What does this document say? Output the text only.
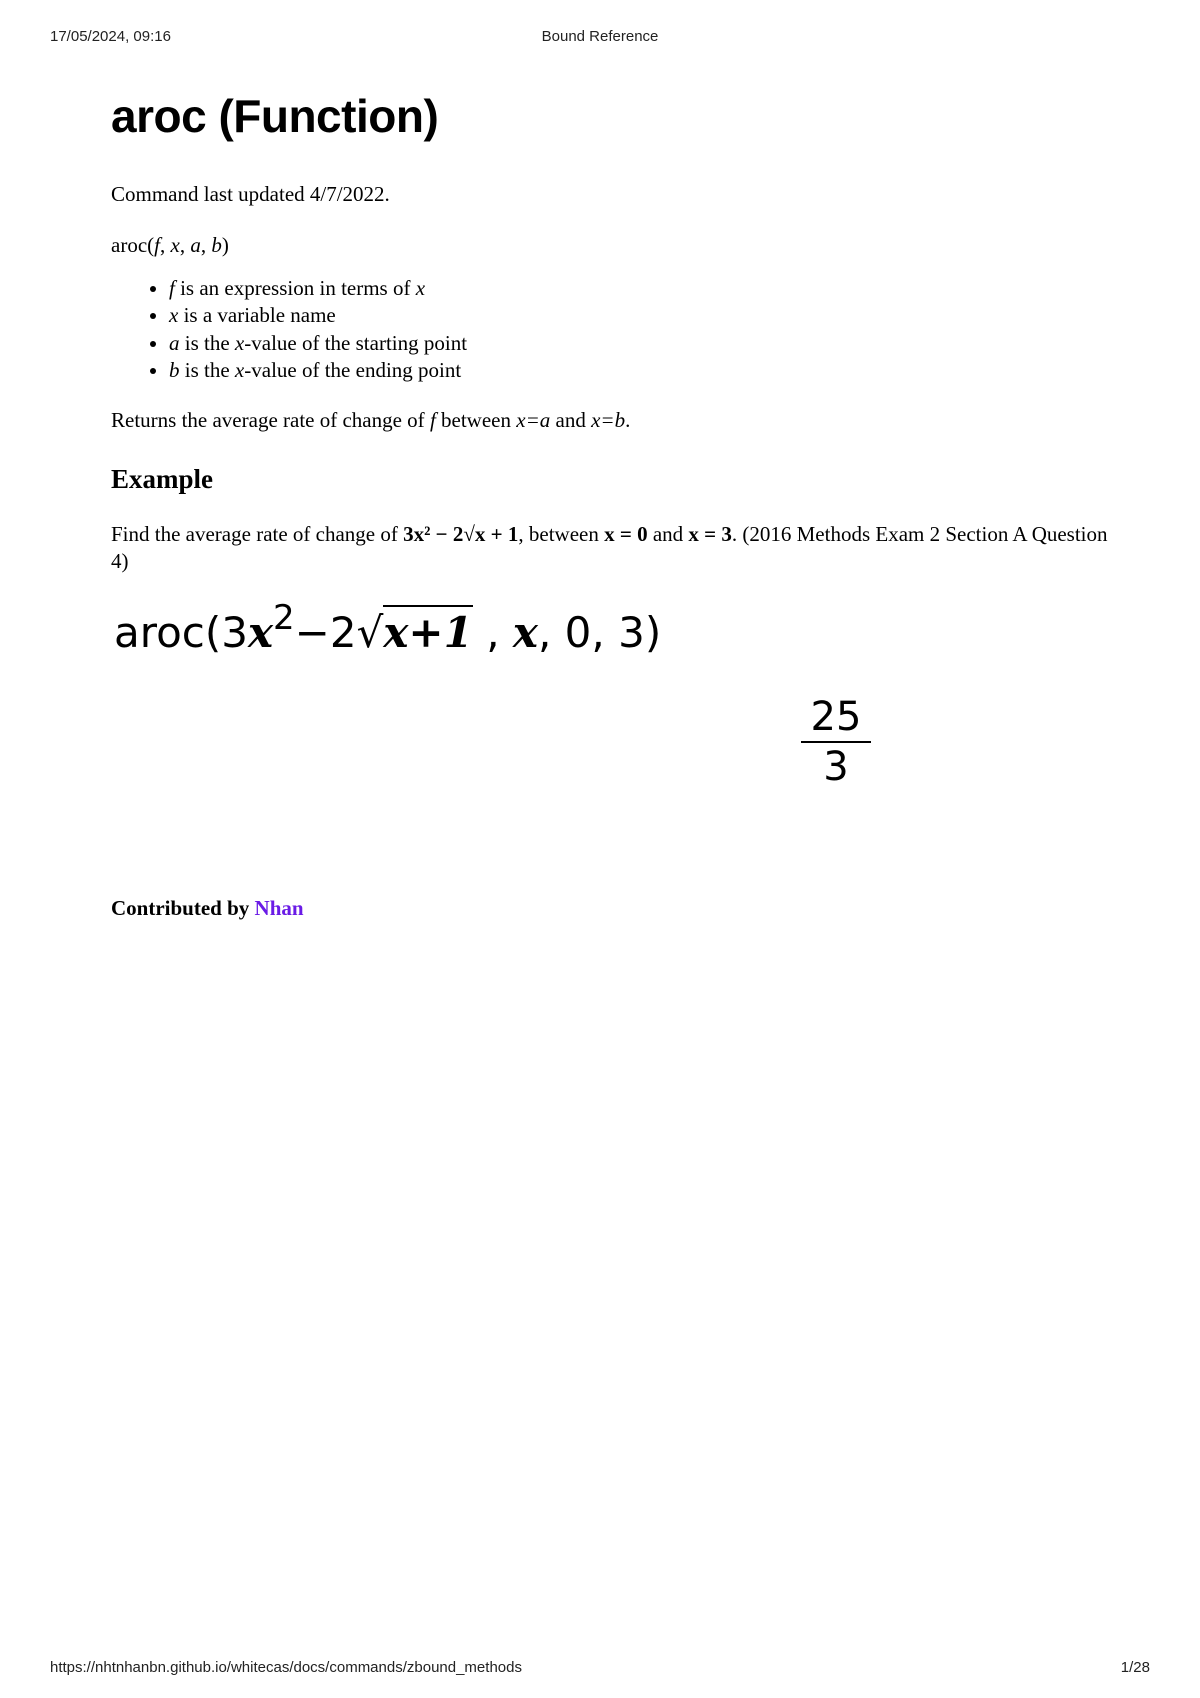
17/05/2024, 09:16	Bound Reference
aroc (Function)

Command last updated 4/7/2022.

aroc(f, x, a, b)

• f is an expression in terms of x
• x is a variable name
• a is the x-value of the starting point
• b is the x-value of the ending point

Returns the average rate of change of f between x=a and x=b.

Example

Find the average rate of change of 3x² − 2√x + 1, between x = 0 and x = 3. (2016 Methods Exam 2 Section A Question 4)

$aroc(3x^2-2√x+1$ , x, 0, 3)
$\frac{25}{3}$

Contributed by Nhan

https://nhtnhanbn.github.io/whitecas/docs/commands/zbound_methods	1/28
